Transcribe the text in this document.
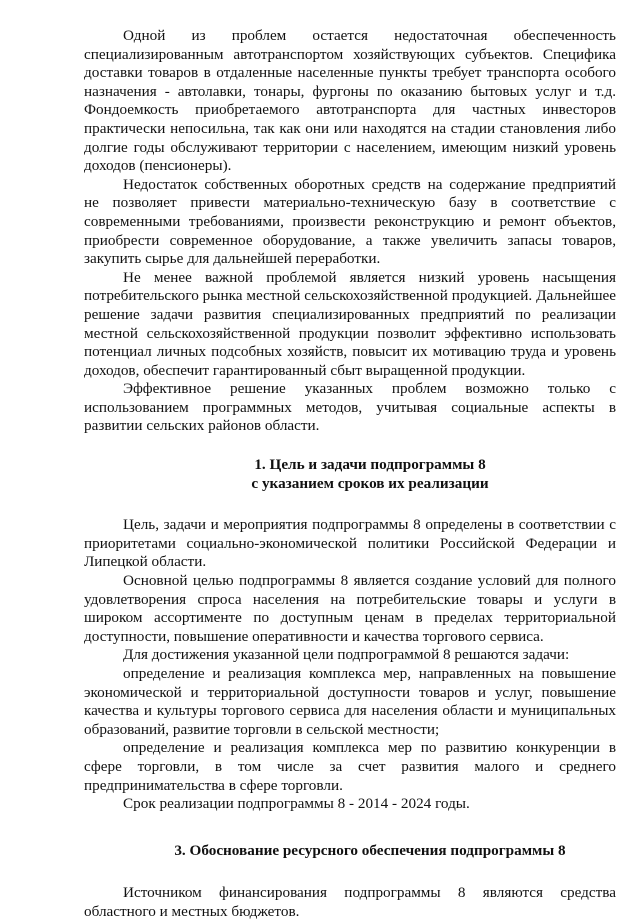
Одной из проблем остается недостаточная обеспеченность специализированным автотранспортом хозяйствующих субъектов. Специфика доставки товаров в отдаленные населенные пункты требует транспорта особого назначения - автолавки, тонары, фургоны по оказанию бытовых услуг и т.д. Фондоемкость приобретаемого автотранспорта для частных инвесторов практически непосильна, так как они или находятся на стадии становления либо долгие годы обслуживают территории с населением, имеющим низкий уровень доходов (пенсионеры).

Недостаток собственных оборотных средств на содержание предприятий не позволяет привести материально-техническую базу в соответствие с современными требованиями, произвести реконструкцию и ремонт объектов, приобрести современное оборудование, а также увеличить запасы товаров, закупить сырье для дальнейшей переработки.

Не менее важной проблемой является низкий уровень насыщения потребительского рынка местной сельскохозяйственной продукцией. Дальнейшее решение задачи развития специализированных предприятий по реализации местной сельскохозяйственной продукции позволит эффективно использовать потенциал личных подсобных хозяйств, повысит их мотивацию труда и уровень доходов, обеспечит гарантированный сбыт выращенной продукции.

Эффективное решение указанных проблем возможно только с использованием программных методов, учитывая социальные аспекты в развитии сельских районов области.

1. Цель и задачи подпрограммы 8
с указанием сроков их реализации

Цель, задачи и мероприятия подпрограммы 8 определены в соответствии с приоритетами социально-экономической политики Российской Федерации и Липецкой области.

Основной целью подпрограммы 8 является создание условий для полного удовлетворения спроса населения на потребительские товары и услуги в широком ассортименте по доступным ценам в пределах территориальной доступности, повышение оперативности и качества торгового сервиса.

Для достижения указанной цели подпрограммой 8 решаются задачи:

определение и реализация комплекса мер, направленных на повышение экономической и территориальной доступности товаров и услуг, повышение качества и культуры торгового сервиса для населения области и муниципальных образований, развитие торговли в сельской местности;

определение и реализация комплекса мер по развитию конкуренции в сфере торговли, в том числе за счет развития малого и среднего предпринимательства в сфере торговли.

Срок реализации подпрограммы 8 - 2014 - 2024 годы.

3. Обоснование ресурсного обеспечения подпрограммы 8

Источником финансирования подпрограммы 8 являются средства областного и местных бюджетов.
